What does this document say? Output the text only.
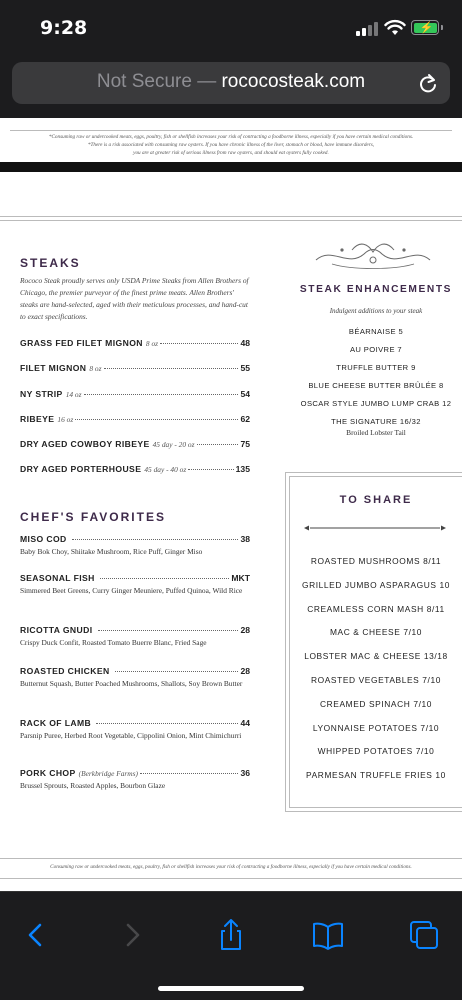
9:28	⚡
Not Secure — rococosteak.com
*Consuming raw or undercooked meats, eggs, poultry, fish or shellfish increases your risk of contracting a foodborne illness, especially if you have certain medical conditions.
*There is a risk associated with consuming raw oysters. If you have chronic illness of the liver, stomach or blood, have immune disorders,
you are at greater risk of serious illness from raw oysters, and should eat oysters fully cooked.
STEAKS
Rococo Steak proudly serves only USDA Prime Steaks from Allen Brothers of Chicago, the premier purveyor of the finest prime meats. Allen Brothers' steaks are hand-selected, aged with their meticulous processes, and hand-cut to exact specifications.
GRASS FED FILET MIGNON 8 oz	48
FILET MIGNON 8 oz	55
NY STRIP 14 oz	54
RIBEYE 16 oz	62
DRY AGED COWBOY RIBEYE 45 day - 20 oz	75
DRY AGED PORTERHOUSE 45 day - 40 oz	135
CHEF'S FAVORITES
MISO COD	38
Baby Bok Choy, Shiitake Mushroom, Rice Puff, Ginger Miso
SEASONAL FISH	MKT
Simmered Beet Greens, Curry Ginger Meuniere, Puffed Quinoa, Wild Rice
RICOTTA GNUDI	28
Crispy Duck Confit, Roasted Tomato Buerre Blanc, Fried Sage
ROASTED CHICKEN	28
Butternut Squash, Butter Poached Mushrooms, Shallots, Soy Brown Butter
RACK OF LAMB	44
Parsnip Puree, Herbed Root Vegetable, Cippolini Onion, Mint Chimichurri
PORK CHOP (Berkbridge Farms)	36
Brussel Sprouts, Roasted Apples, Bourbon Glaze
STEAK ENHANCEMENTS
Indulgent additions to your steak
BÉARNAISE 5
AU POIVRE 7
TRUFFLE BUTTER 9
BLUE CHEESE BUTTER BRÛLÉE 8
OSCAR STYLE JUMBO LUMP CRAB 12
THE SIGNATURE 16/32
Broiled Lobster Tail
TO SHARE
ROASTED MUSHROOMS 8/11
GRILLED JUMBO ASPARAGUS 10
CREAMLESS CORN MASH 8/11
MAC & CHEESE 7/10
LOBSTER MAC & CHEESE 13/18
ROASTED VEGETABLES 7/10
CREAMED SPINACH 7/10
LYONNAISE POTATOES 7/10
WHIPPED POTATOES 7/10
PARMESAN TRUFFLE FRIES 10
Consuming raw or undercooked meats, eggs, poultry, fish or shellfish increases your risk of contracting a foodborne illness, especially if you have certain medical conditions.
